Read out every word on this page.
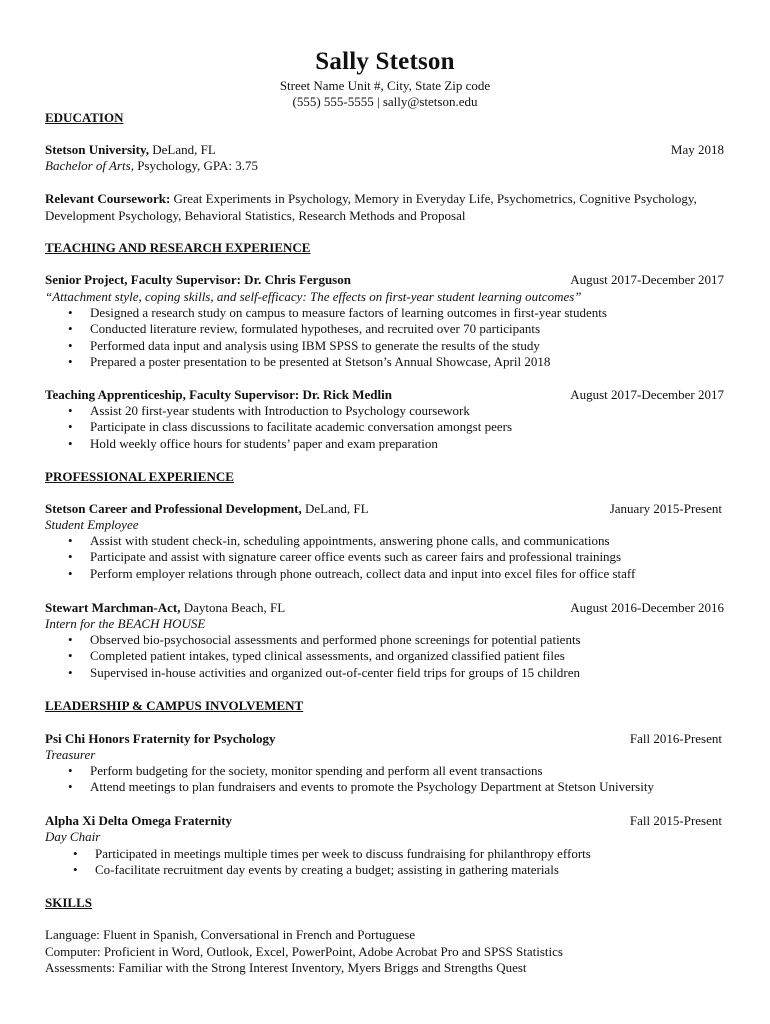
Sally Stetson
Street Name Unit #, City, State Zip code
(555) 555-5555 | sally@stetson.edu
EDUCATION
Stetson University, DeLand, FL	May 2018
Bachelor of Arts, Psychology, GPA: 3.75
Relevant Coursework: Great Experiments in Psychology, Memory in Everyday Life, Psychometrics, Cognitive Psychology, Development Psychology, Behavioral Statistics, Research Methods and Proposal
TEACHING AND RESEARCH EXPERIENCE
Senior Project, Faculty Supervisor: Dr. Chris Ferguson	August 2017-December 2017
“Attachment style, coping skills, and self-efficacy: The effects on first-year student learning outcomes”
• Designed a research study on campus to measure factors of learning outcomes in first-year students
• Conducted literature review, formulated hypotheses, and recruited over 70 participants
• Performed data input and analysis using IBM SPSS to generate the results of the study
• Prepared a poster presentation to be presented at Stetson’s Annual Showcase, April 2018
Teaching Apprenticeship, Faculty Supervisor: Dr. Rick Medlin	August 2017-December 2017
• Assist 20 first-year students with Introduction to Psychology coursework
• Participate in class discussions to facilitate academic conversation amongst peers
• Hold weekly office hours for students’ paper and exam preparation
PROFESSIONAL EXPERIENCE
Stetson Career and Professional Development, DeLand, FL	January 2015-Present
Student Employee
• Assist with student check-in, scheduling appointments, answering phone calls, and communications
• Participate and assist with signature career office events such as career fairs and professional trainings
• Perform employer relations through phone outreach, collect data and input into excel files for office staff
Stewart Marchman-Act, Daytona Beach, FL	August 2016-December 2016
Intern for the BEACH HOUSE
• Observed bio-psychosocial assessments and performed phone screenings for potential patients
• Completed patient intakes, typed clinical assessments, and organized classified patient files
• Supervised in-house activities and organized out-of-center field trips for groups of 15 children
LEADERSHIP & CAMPUS INVOLVEMENT
Psi Chi Honors Fraternity for Psychology	Fall 2016-Present
Treasurer
• Perform budgeting for the society, monitor spending and perform all event transactions
• Attend meetings to plan fundraisers and events to promote the Psychology Department at Stetson University
Alpha Xi Delta Omega Fraternity	Fall 2015-Present
Day Chair
• Participated in meetings multiple times per week to discuss fundraising for philanthropy efforts
• Co-facilitate recruitment day events by creating a budget; assisting in gathering materials
SKILLS
Language: Fluent in Spanish, Conversational in French and Portuguese
Computer: Proficient in Word, Outlook, Excel, PowerPoint, Adobe Acrobat Pro and SPSS Statistics
Assessments: Familiar with the Strong Interest Inventory, Myers Briggs and Strengths Quest
